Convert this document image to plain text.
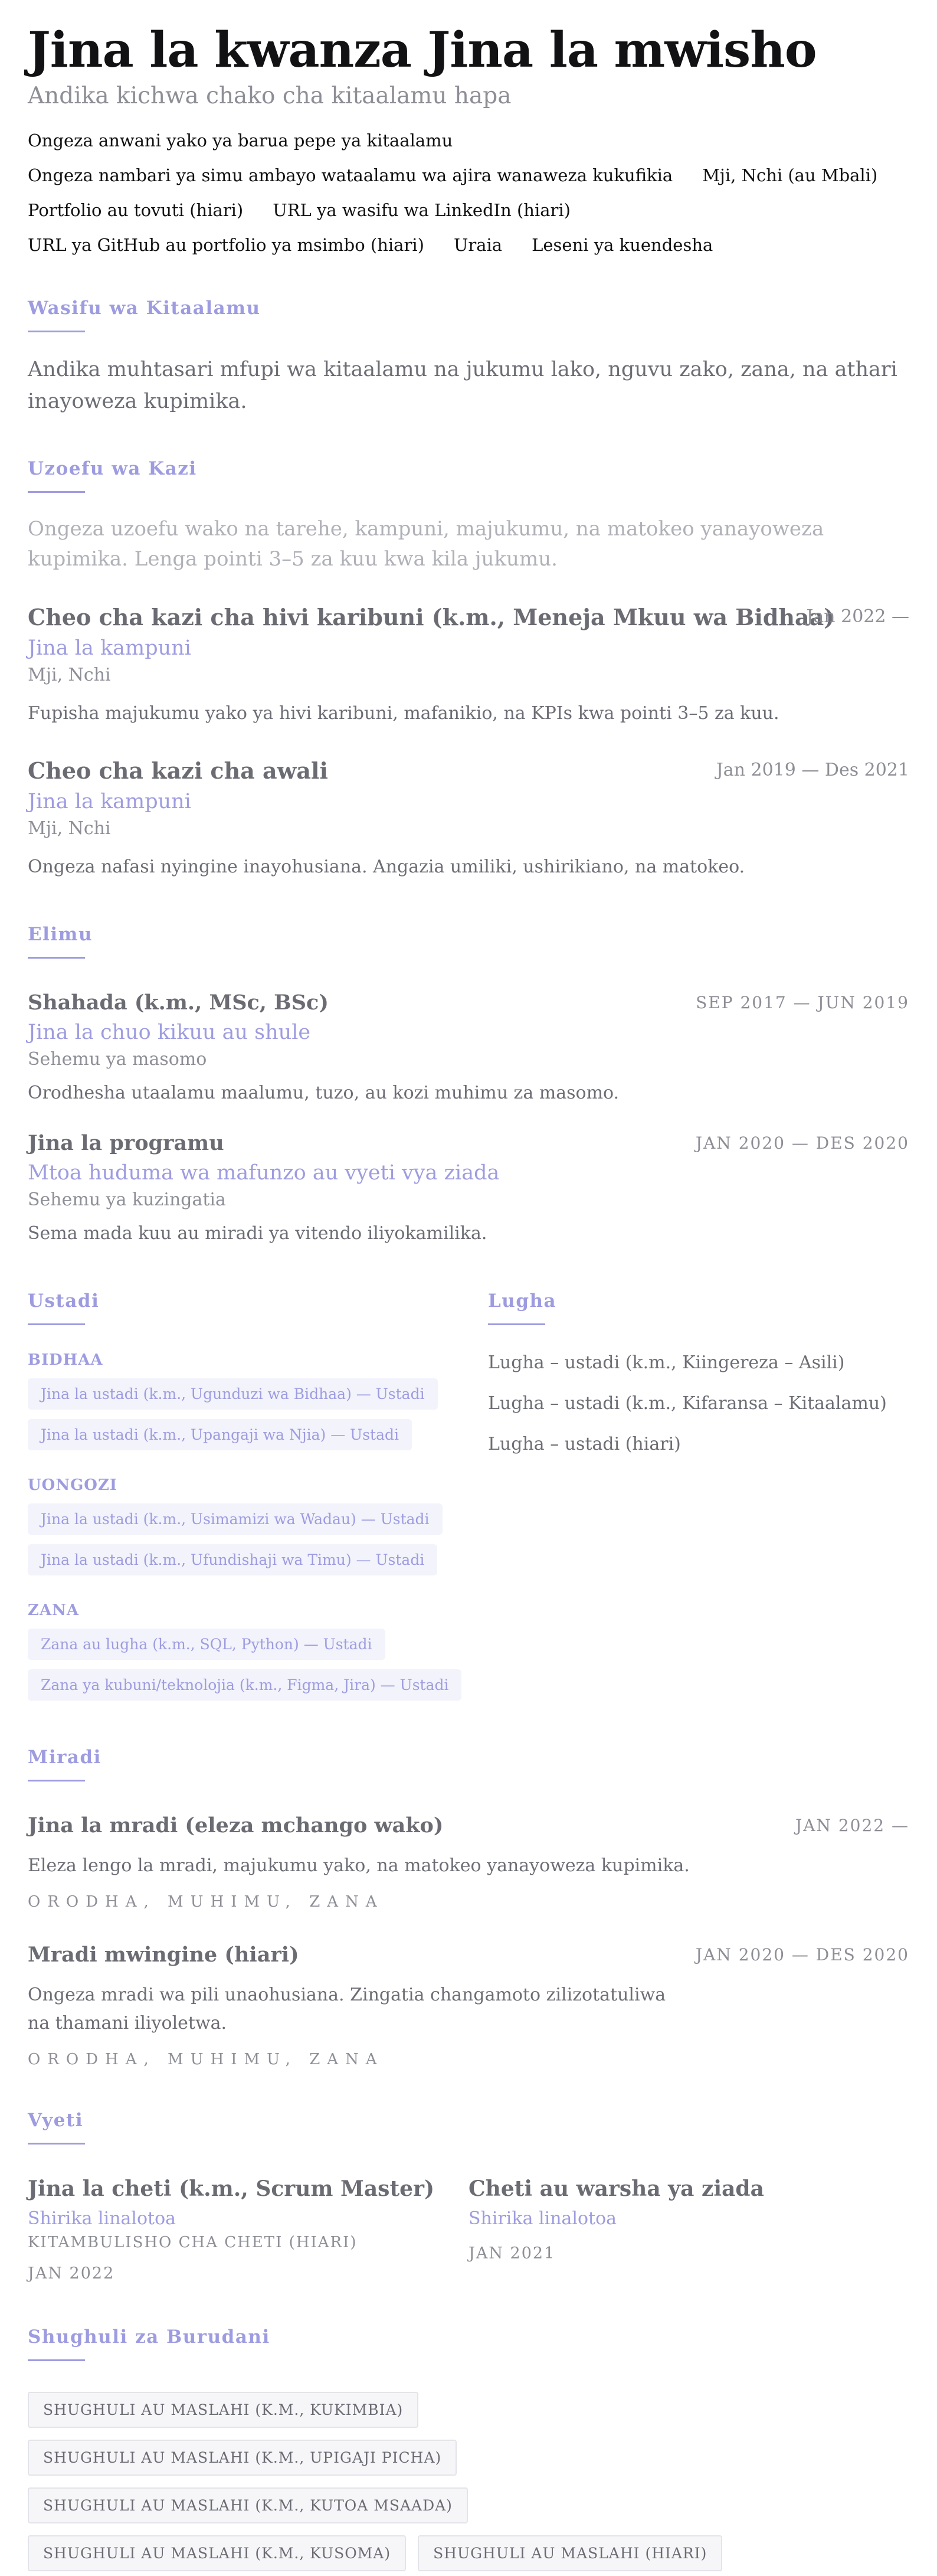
Jina la kwanza Jina la mwisho
Andika kichwa chako cha kitaalamu hapa
Ongeza anwani yako ya barua pepe ya kitaalamu
Ongeza nambari ya simu ambayo wataalamu wa ajira wanaweza kukufikia Mji, Nchi (au Mbali)
Portfolio au tovuti (hiari) URL ya wasifu wa LinkedIn (hiari)
URL ya GitHub au portfolio ya msimbo (hiari) Uraia Leseni ya kuendesha
Wasifu wa Kitaalamu

Andika muhtasari mfupi wa kitaalamu na jukumu lako, nguvu zako, zana, na athari inayoweza kupimika.

Uzoefu wa Kazi

Ongeza uzoefu wako na tarehe, kampuni, majukumu, na matokeo yanayoweza kupimika. Lenga pointi 3–5 za kuu kwa kila jukumu.

Cheo cha kazi cha hivi karibuni (k.m., Meneja Mkuu wa Bidhaa)
Jan 2022 —
Jina la kampuni
Mji, Nchi

Fupisha majukumu yako ya hivi karibuni, mafanikio, na KPIs kwa pointi 3–5 za kuu.

Cheo cha kazi cha awali	Jan 2019 — Des 2021
Jina la kampuni
Mji, Nchi

Ongeza nafasi nyingine inayohusiana. Angazia umiliki, ushirikiano, na matokeo.

Elimu
Shahada (k.m., MSc, BSc)	SEP 2017 — JUN 2019
Jina la chuo kikuu au shule
Sehemu ya masomo

Orodhesha utaalamu maalumu, tuzo, au kozi muhimu za masomo.

Jina la programu	JAN 2020 — DES 2020
Mtoa huduma wa mafunzo au vyeti vya ziada
Sehemu ya kuzingatia

Sema mada kuu au miradi ya vitendo iliyokamilika.

Ustadi
BIDHAA
Jina la ustadi (k.m., Ugunduzi wa Bidhaa) — Ustadi
Jina la ustadi (k.m., Upangaji wa Njia) — Ustadi
UONGOZI
Jina la ustadi (k.m., Usimamizi wa Wadau) — Ustadi
Jina la ustadi (k.m., Ufundishaji wa Timu) — Ustadi
ZANA
Zana au lugha (k.m., SQL, Python) — Ustadi
Zana ya kubuni/teknolojia (k.m., Figma, Jira) — Ustadi
Lugha
Lugha – ustadi (k.m., Kiingereza – Asili)
Lugha – ustadi (k.m., Kifaransa – Kitaalamu)
Lugha – ustadi (hiari)
Miradi
Jina la mradi (eleza mchango wako)	JAN 2022 —

Eleza lengo la mradi, majukumu yako, na matokeo yanayoweza kupimika.

ORODHA, MUHIMU, ZANA
Mradi mwingine (hiari)	JAN 2020 — DES 2020

Ongeza mradi wa pili unaohusiana. Zingatia changamoto zilizotatuliwa na thamani iliyoletwa.

ORODHA, MUHIMU, ZANA
Vyeti
Jina la cheti (k.m., Scrum Master)
Shirika linalotoa
KITAMBULISHO CHA CHETI (HIARI)
JAN 2022
Cheti au warsha ya ziada
Shirika linalotoa
JAN 2021
Shughuli za Burudani
SHUGHULI AU MASLAHI (K.M., KUKIMBIA)
SHUGHULI AU MASLAHI (K.M., UPIGAJI PICHA)
SHUGHULI AU MASLAHI (K.M., KUTOA MSAADA)
SHUGHULI AU MASLAHI (K.M., KUSOMA)	SHUGHULI AU MASLAHI (HIARI)
